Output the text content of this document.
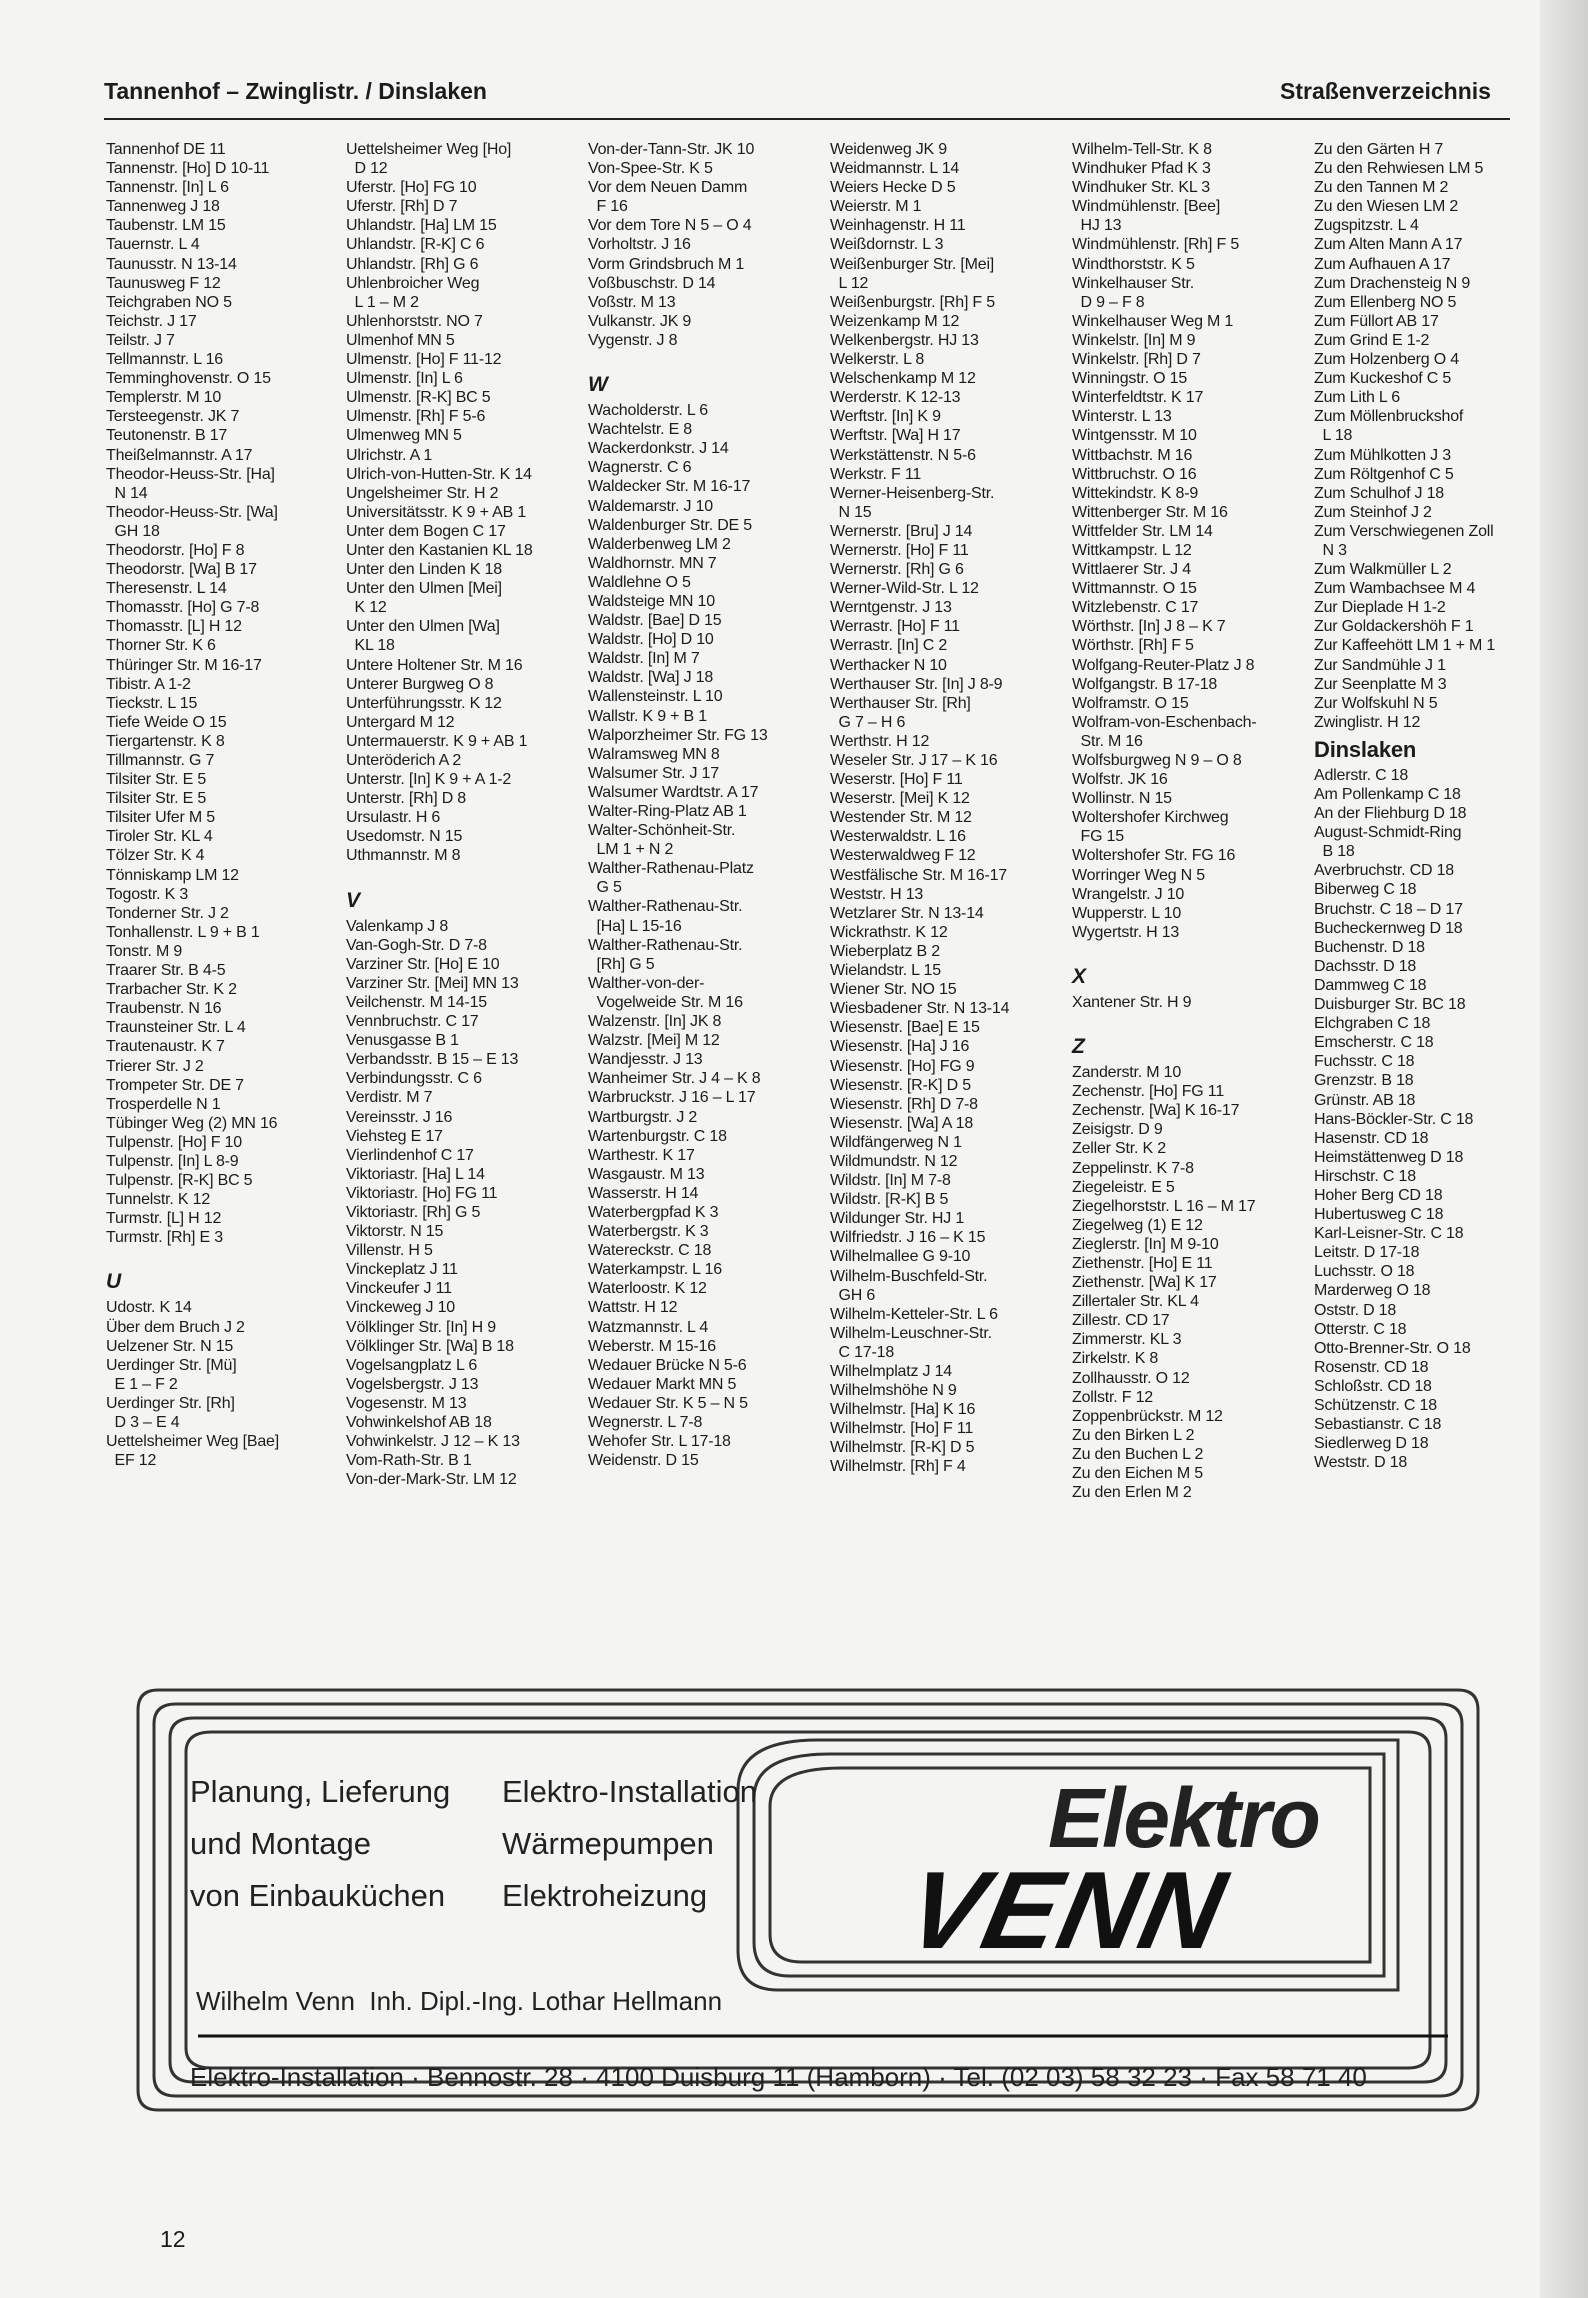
Tannenhof – Zwinglistr. / Dinslaken	Straßenverzeichnis
Tannenhof DE 11
Tannenstr. [Ho] D 10-11
Tannenstr. [In] L 6
Tannenweg J 18
Taubenstr. LM 15
Tauernstr. L 4
Taunusstr. N 13-14
Taunusweg F 12
Teichgraben NO 5
Teichstr. J 17
Teilstr. J 7
Tellmannstr. L 16
Temminghovenstr. O 15
Templerstr. M 10
Tersteegenstr. JK 7
Teutonenstr. B 17
Theißelmannstr. A 17
Theodor-Heuss-Str. [Ha]
N 14
Theodor-Heuss-Str. [Wa]
GH 18
Theodorstr. [Ho] F 8
Theodorstr. [Wa] B 17
Theresenstr. L 14
Thomasstr. [Ho] G 7-8
Thomasstr. [L] H 12
Thorner Str. K 6
Thüringer Str. M 16-17
Tibistr. A 1-2
Tieckstr. L 15
Tiefe Weide O 15
Tiergartenstr. K 8
Tillmannstr. G 7
Tilsiter Str. E 5
Tilsiter Str. E 5
Tilsiter Ufer M 5
Tiroler Str. KL 4
Tölzer Str. K 4
Tönniskamp LM 12
Togostr. K 3
Tonderner Str. J 2
Tonhallenstr. L 9 + B 1
Tonstr. M 9
Traarer Str. B 4-5
Trarbacher Str. K 2
Traubenstr. N 16
Traunsteiner Str. L 4
Trautenaustr. K 7
Trierer Str. J 2
Trompeter Str. DE 7
Trosperdelle N 1
Tübinger Weg (2) MN 16
Tulpenstr. [Ho] F 10
Tulpenstr. [In] L 8-9
Tulpenstr. [R-K] BC 5
Tunnelstr. K 12
Turmstr. [L] H 12
Turmstr. [Rh] E 3

U
Udostr. K 14
Über dem Bruch J 2
Uelzener Str. N 15
Uerdinger Str. [Mü]
E 1 – F 2
Uerdinger Str. [Rh]
D 3 – E 4
Uettelsheimer Weg [Bae]
EF 12
Uettelsheimer Weg [Ho]
D 12
Uferstr. [Ho] FG 10
Uferstr. [Rh] D 7
Uhlandstr. [Ha] LM 15
Uhlandstr. [R-K] C 6
Uhlandstr. [Rh] G 6
Uhlenbroicher Weg
L 1 – M 2
Uhlenhorststr. NO 7
Ulmenhof MN 5
Ulmenstr. [Ho] F 11-12
Ulmenstr. [In] L 6
Ulmenstr. [R-K] BC 5
Ulmenstr. [Rh] F 5-6
Ulmenweg MN 5
Ulrichstr. A 1
Ulrich-von-Hutten-Str. K 14
Ungelsheimer Str. H 2
Universitätsstr. K 9 + AB 1
Unter dem Bogen C 17
Unter den Kastanien KL 18
Unter den Linden K 18
Unter den Ulmen [Mei]
K 12
Unter den Ulmen [Wa]
KL 18
Untere Holtener Str. M 16
Unterer Burgweg O 8
Unterführungsstr. K 12
Untergard M 12
Untermauerstr. K 9 + AB 1
Unteröderich A 2
Unterstr. [In] K 9 + A 1-2
Unterstr. [Rh] D 8
Ursulastr. H 6
Usedomstr. N 15
Uthmannstr. M 8

V
Valenkamp J 8
Van-Gogh-Str. D 7-8
Varziner Str. [Ho] E 10
Varziner Str. [Mei] MN 13
Veilchenstr. M 14-15
Vennbruchstr. C 17
Venusgasse B 1
Verbandsstr. B 15 – E 13
Verbindungsstr. C 6
Verdistr. M 7
Vereinsstr. J 16
Viehsteg E 17
Vierlindenhof C 17
Viktoriastr. [Ha] L 14
Viktoriastr. [Ho] FG 11
Viktoriastr. [Rh] G 5
Viktorstr. N 15
Villenstr. H 5
Vinckeplatz J 11
Vinckeufer J 11
Vinckeweg J 10
Völklinger Str. [In] H 9
Völklinger Str. [Wa] B 18
Vogelsangplatz L 6
Vogelsbergstr. J 13
Vogesenstr. M 13
Vohwinkelshof AB 18
Vohwinkelstr. J 12 – K 13
Vom-Rath-Str. B 1
Von-der-Mark-Str. LM 12
Von-der-Tann-Str. JK 10
Von-Spee-Str. K 5
Vor dem Neuen Damm
F 16
Vor dem Tore N 5 – O 4
Vorholtstr. J 16
Vorm Grindsbruch M 1
Voßbuschstr. D 14
Voßstr. M 13
Vulkanstr. JK 9
Vygenstr. J 8

W
Wacholderstr. L 6
Wachtelstr. E 8
Wackerdonkstr. J 14
Wagnerstr. C 6
Waldecker Str. M 16-17
Waldemarstr. J 10
Waldenburger Str. DE 5
Walderbenweg LM 2
Waldhornstr. MN 7
Waldlehne O 5
Waldsteige MN 10
Waldstr. [Bae] D 15
Waldstr. [Ho] D 10
Waldstr. [In] M 7
Waldstr. [Wa] J 18
Wallensteinstr. L 10
Wallstr. K 9 + B 1
Walporzheimer Str. FG 13
Walramsweg MN 8
Walsumer Str. J 17
Walsumer Wardtstr. A 17
Walter-Ring-Platz AB 1
Walter-Schönheit-Str.
LM 1 + N 2
Walther-Rathenau-Platz
G 5
Walther-Rathenau-Str.
[Ha] L 15-16
Walther-Rathenau-Str.
[Rh] G 5
Walther-von-der-
Vogelweide Str. M 16
Walzenstr. [In] JK 8
Walzstr. [Mei] M 12
Wandjesstr. J 13
Wanheimer Str. J 4 – K 8
Warbruckstr. J 16 – L 17
Wartburgstr. J 2
Wartenburgstr. C 18
Warthestr. K 17
Wasgaustr. M 13
Wasserstr. H 14
Waterbergpfad K 3
Waterbergstr. K 3
Watereckstr. C 18
Waterkampstr. L 16
Waterloostr. K 12
Wattstr. H 12
Watzmannstr. L 4
Weberstr. M 15-16
Wedauer Brücke N 5-6
Wedauer Markt MN 5
Wedauer Str. K 5 – N 5
Wegnerstr. L 7-8
Wehofer Str. L 17-18
Weidenstr. D 15
Weidenweg JK 9
Weidmannstr. L 14
Weiers Hecke D 5
Weierstr. M 1
Weinhagenstr. H 11
Weißdornstr. L 3
Weißenburger Str. [Mei]
L 12
Weißenburgstr. [Rh] F 5
Weizenkamp M 12
Welkenbergstr. HJ 13
Welkerstr. L 8
Welschenkamp M 12
Werderstr. K 12-13
Werftstr. [In] K 9
Werftstr. [Wa] H 17
Werkstättenstr. N 5-6
Werkstr. F 11
Werner-Heisenberg-Str.
N 15
Wernerstr. [Bru] J 14
Wernerstr. [Ho] F 11
Wernerstr. [Rh] G 6
Werner-Wild-Str. L 12
Werntgenstr. J 13
Werrastr. [Ho] F 11
Werrastr. [In] C 2
Werthacker N 10
Werthauser Str. [In] J 8-9
Werthauser Str. [Rh]
G 7 – H 6
Werthstr. H 12
Weseler Str. J 17 – K 16
Weserstr. [Ho] F 11
Weserstr. [Mei] K 12
Westender Str. M 12
Westerwaldstr. L 16
Westerwaldweg F 12
Westfälische Str. M 16-17
Weststr. H 13
Wetzlarer Str. N 13-14
Wickrathstr. K 12
Wieberplatz B 2
Wielandstr. L 15
Wiener Str. NO 15
Wiesbadener Str. N 13-14
Wiesenstr. [Bae] E 15
Wiesenstr. [Ha] J 16
Wiesenstr. [Ho] FG 9
Wiesenstr. [R-K] D 5
Wiesenstr. [Rh] D 7-8
Wiesenstr. [Wa] A 18
Wildfängerweg N 1
Wildmundstr. N 12
Wildstr. [In] M 7-8
Wildstr. [R-K] B 5
Wildunger Str. HJ 1
Wilfriedstr. J 16 – K 15
Wilhelmallee G 9-10
Wilhelm-Buschfeld-Str.
GH 6
Wilhelm-Ketteler-Str. L 6
Wilhelm-Leuschner-Str.
C 17-18
Wilhelmplatz J 14
Wilhelmshöhe N 9
Wilhelmstr. [Ha] K 16
Wilhelmstr. [Ho] F 11
Wilhelmstr. [R-K] D 5
Wilhelmstr. [Rh] F 4
Wilhelm-Tell-Str. K 8
Windhuker Pfad K 3
Windhuker Str. KL 3
Windmühlenstr. [Bee]
HJ 13
Windmühlenstr. [Rh] F 5
Windthorststr. K 5
Winkelhauser Str.
D 9 – F 8
Winkelhauser Weg M 1
Winkelstr. [In] M 9
Winkelstr. [Rh] D 7
Winningstr. O 15
Winterfeldtstr. K 17
Winterstr. L 13
Wintgensstr. M 10
Wittbachstr. M 16
Wittbruchstr. O 16
Wittekindstr. K 8-9
Wittenberger Str. M 16
Wittfelder Str. LM 14
Wittkampstr. L 12
Wittlaerer Str. J 4
Wittmannstr. O 15
Witzlebenstr. C 17
Wörthstr. [In] J 8 – K 7
Wörthstr. [Rh] F 5
Wolfgang-Reuter-Platz J 8
Wolfgangstr. B 17-18
Wolframstr. O 15
Wolfram-von-Eschenbach-
Str. M 16
Wolfsburgweg N 9 – O 8
Wolfstr. JK 16
Wollinstr. N 15
Woltershofer Kirchweg
FG 15
Woltershofer Str. FG 16
Worringer Weg N 5
Wrangelstr. J 10
Wupperstr. L 10
Wygertstr. H 13

X
Xantener Str. H 9

Z
Zanderstr. M 10
Zechenstr. [Ho] FG 11
Zechenstr. [Wa] K 16-17
Zeisigstr. D 9
Zeller Str. K 2
Zeppelinstr. K 7-8
Ziegeleistr. E 5
Ziegelhorststr. L 16 – M 17
Ziegelweg (1) E 12
Zieglerstr. [In] M 9-10
Ziethenstr. [Ho] E 11
Ziethenstr. [Wa] K 17
Zillertaler Str. KL 4
Zillestr. CD 17
Zimmerstr. KL 3
Zirkelstr. K 8
Zollhausstr. O 12
Zollstr. F 12
Zoppenbrückstr. M 12
Zu den Birken L 2
Zu den Buchen L 2
Zu den Eichen M 5
Zu den Erlen M 2
Zu den Gärten H 7
Zu den Rehwiesen LM 5
Zu den Tannen M 2
Zu den Wiesen LM 2
Zugspitzstr. L 4
Zum Alten Mann A 17
Zum Aufhauen A 17
Zum Drachensteig N 9
Zum Ellenberg NO 5
Zum Füllort AB 17
Zum Grind E 1-2
Zum Holzenberg O 4
Zum Kuckeshof C 5
Zum Lith L 6
Zum Möllenbruckshof
L 18
Zum Mühlkotten J 3
Zum Röltgenhof C 5
Zum Schulhof J 18
Zum Steinhof J 2
Zum Verschwiegenen Zoll
N 3
Zum Walkmüller L 2
Zum Wambachsee M 4
Zur Dieplade H 1-2
Zur Goldackershöh F 1
Zur Kaffeehött LM 1 + M 1
Zur Sandmühle J 1
Zur Seenplatte M 3
Zur Wolfskuhl N 5
Zwinglistr. H 12
Dinslaken
Adlerstr. C 18
Am Pollenkamp C 18
An der Fliehburg D 18
August-Schmidt-Ring
B 18
Averbruchstr. CD 18
Biberweg C 18
Bruchstr. C 18 – D 17
Bucheckernweg D 18
Buchenstr. D 18
Dachsstr. D 18
Dammweg C 18
Duisburger Str. BC 18
Elchgraben C 18
Emscherstr. C 18
Fuchsstr. C 18
Grenzstr. B 18
Grünstr. AB 18
Hans-Böckler-Str. C 18
Hasenstr. CD 18
Heimstättenweg D 18
Hirschstr. C 18
Hoher Berg CD 18
Hubertusweg C 18
Karl-Leisner-Str. C 18
Leitstr. D 17-18
Luchsstr. O 18
Marderweg O 18
Oststr. D 18
Otterstr. C 18
Otto-Brenner-Str. O 18
Rosenstr. CD 18
Schloßstr. CD 18
Schützenstr. C 18
Sebastianstr. C 18
Siedlerweg D 18
Weststr. D 18
Planung, Lieferung
und Montage
von Einbauküchen
Elektro-Installation
Wärmepumpen
Elektroheizung
Elektro
VENN
Wilhelm Venn  Inh. Dipl.-Ing. Lothar Hellmann
Elektro-Installation · Bennostr. 28 · 4100 Duisburg 11 (Hamborn) · Tel. (02 03) 58 32 23 · Fax 58 71 40
12
